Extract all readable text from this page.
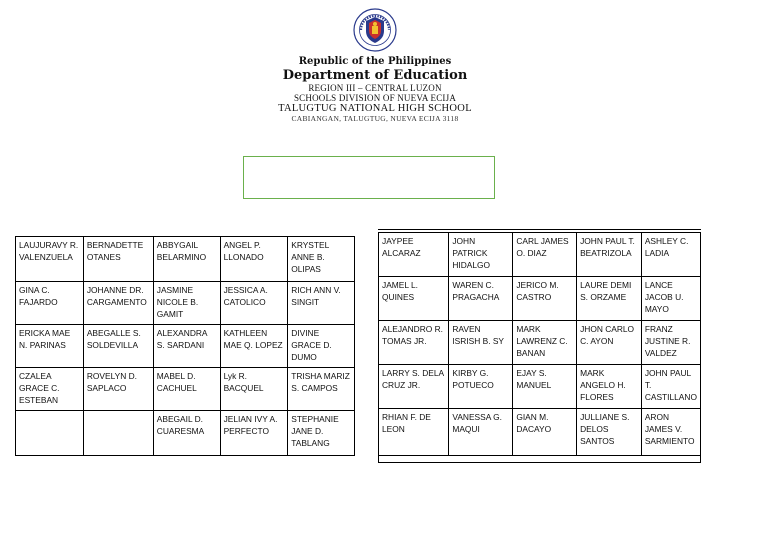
Republic of the Philippines
Department of Education
REGION III – CENTRAL LUZON
SCHOOLS DIVISION OF NUEVA ECIJA
TALUGTUG NATIONAL HIGH SCHOOL
CABIANGAN, TALUGTUG, NUEVA ECIJA 3118
LAUJURAVY R. VALENZUELA	BERNADETTE OTANES	ABBYGAIL BELARMINO	ANGEL P. LLONADO	KRYSTEL ANNE B. OLIPAS
GINA C. FAJARDO	JOHANNE DR. CARGAMENTO	JASMINE NICOLE B. GAMIT	JESSICA A. CATOLICO	RICH ANN V. SINGIT
ERICKA MAE N. PARINAS	ABEGALLE S. SOLDEVILLA	ALEXANDRA S. SARDANI	KATHLEEN MAE Q. LOPEZ	DIVINE GRACE D. DUMO
CZALEA GRACE C. ESTEBAN	ROVELYN D. SAPLACO	MABEL D. CACHUEL	Lyk R. BACQUEL	TRISHA MARIZ S. CAMPOS
		ABEGAIL D. CUARESMA	JELIAN IVY A. PERFECTO	STEPHANIE JANE D. TABLANG
JAYPEE ALCARAZ	JOHN PATRICK HIDALGO	CARL JAMES O. DIAZ	JOHN PAUL T. BEATRIZOLA	ASHLEY C. LADIA
JAMEL L. QUINES	WAREN C. PRAGACHA	JERICO M. CASTRO	LAURE DEMI S. ORZAME	LANCE JACOB U. MAYO
ALEJANDRO R. TOMAS JR.	RAVEN ISRISH B. SY	MARK LAWRENZ C. BANAN	JHON CARLO C. AYON	FRANZ JUSTINE R. VALDEZ
LARRY S. DELA CRUZ JR.	KIRBY G. POTUECO	EJAY S. MANUEL	MARK ANGELO H. FLORES	JOHN PAUL T. CASTILLANO
RHIAN F. DE LEON	VANESSA G. MAQUI	GIAN M. DACAYO	JULLIANE S. DELOS SANTOS	ARON JAMES V. SARMIENTO
